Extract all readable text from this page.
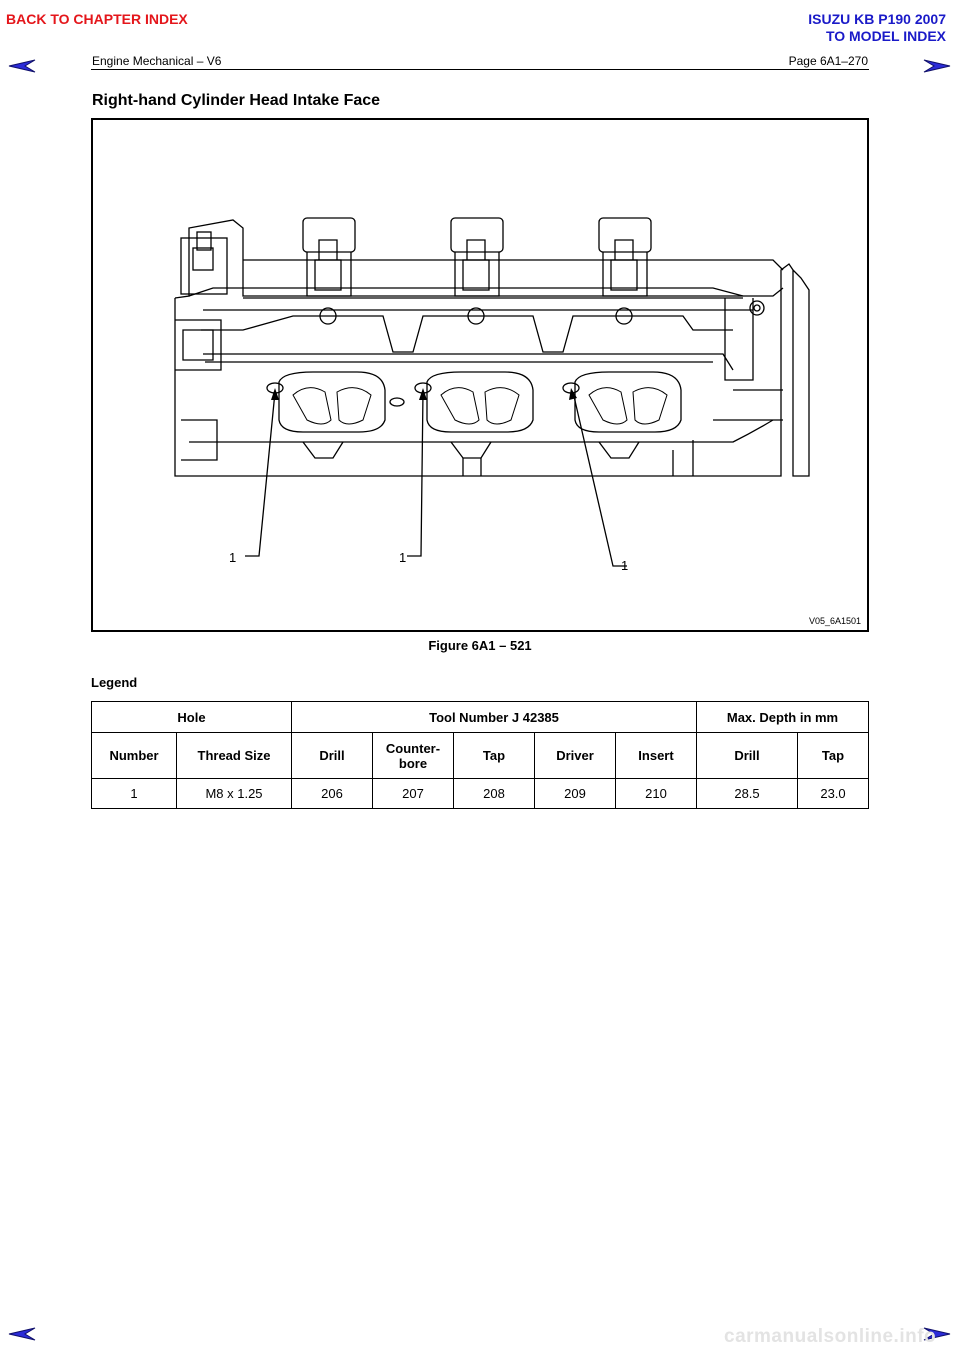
BACK TO CHAPTER INDEX	ISUZU KB P190 2007
TO MODEL INDEX
Engine Mechanical – V6	Page 6A1–270
Right-hand Cylinder Head Intake Face
1	1
1
V05_6A1501
Figure 6A1 – 521
Legend
Hole		Tool Number J 42385					Max. Depth in mm	
Number	Thread Size	Drill	Counter-
bore	Tap	Driver	Insert	Drill	Tap
1	M8 x 1.25	206	207	208	209	210	28.5	23.0
carmanualsonline.info
